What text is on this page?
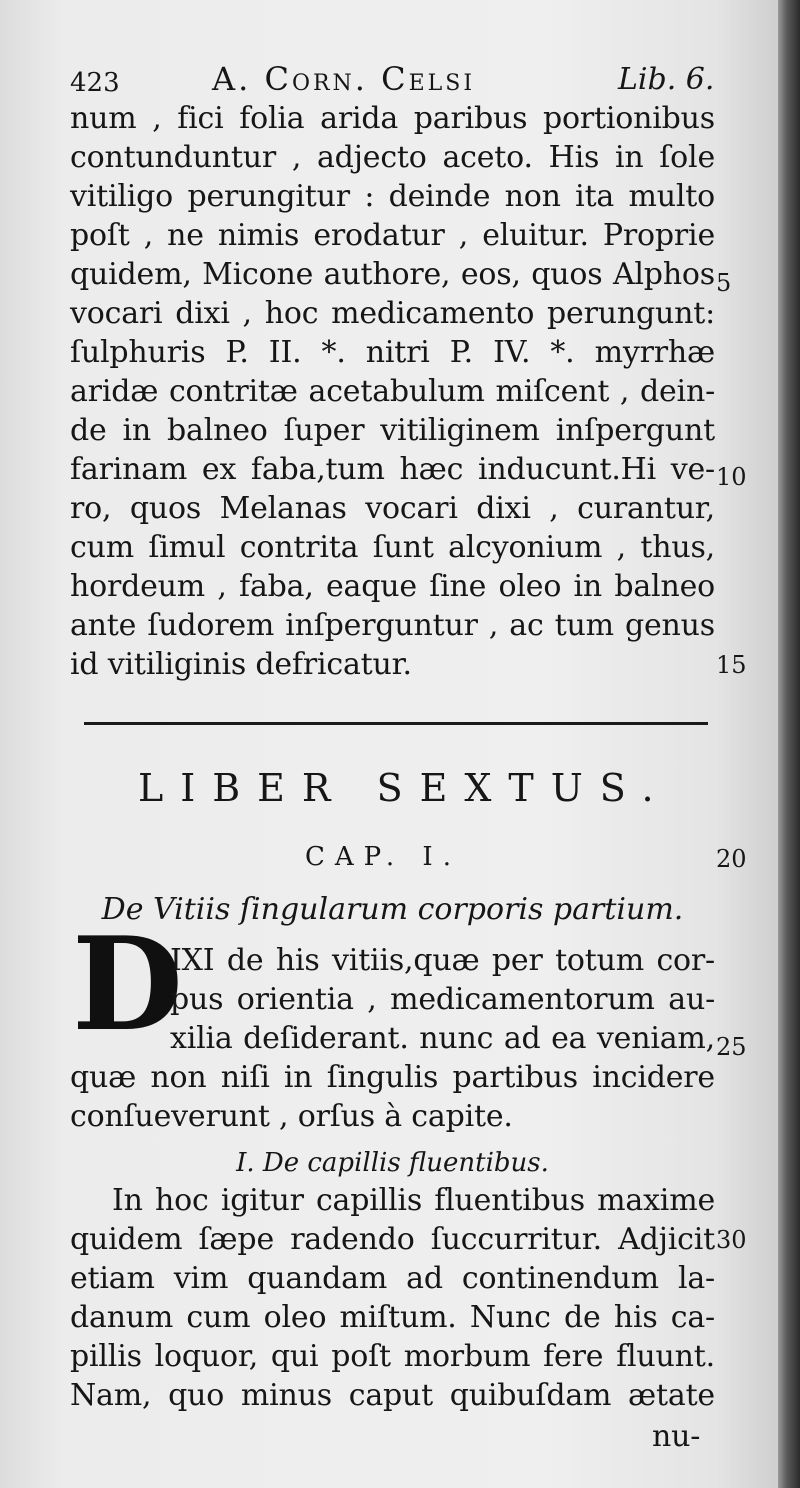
423	A. Corn. Celsi	Lib. 6.
num , fici folia arida paribus portionibus
contunduntur , adjecto aceto. His in ſole
vitiligo perungitur : deinde non ita multo
poſt , ne nimis erodatur , eluitur. Proprie
quidem, Micone authore, eos, quos Alphos
vocari dixi , hoc medicamento perungunt:
ſulphuris P. II. *. nitri P. IV. *. myrrhæ
aridæ contritæ acetabulum miſcent , dein-
de in balneo ſuper vitiliginem inſpergunt
farinam ex faba,tum hæc inducunt.Hi ve-
ro, quos Melanas vocari dixi , curantur,
cum ſimul contrita ſunt alcyonium , thus,
hordeum , faba, eaque ſine oleo in balneo
ante ſudorem inſperguntur , ac tum genus
id vitiliginis defricatur.
5
10
15
LIBER SEXTUS.
CAP. I.	20
De Vitiis ſingularum corporis partium.
D
IXI de his vitiis,quæ per totum cor-
pus orientia , medicamentorum au-
xilia deſiderant. nunc ad ea veniam, 25
quæ non niſi in ſingulis partibus incidere
conſueverunt , orſus à capite.
I. De capillis fluentibus.
In hoc igitur capillis fluentibus maxime
quidem ſæpe radendo ſuccurritur. Adjicit 30
etiam vim quandam ad continendum la-
danum cum oleo miſtum. Nunc de his ca-
pillis loquor, qui poſt morbum fere fluunt.
Nam, quo minus caput quibuſdam ætate
nu-
